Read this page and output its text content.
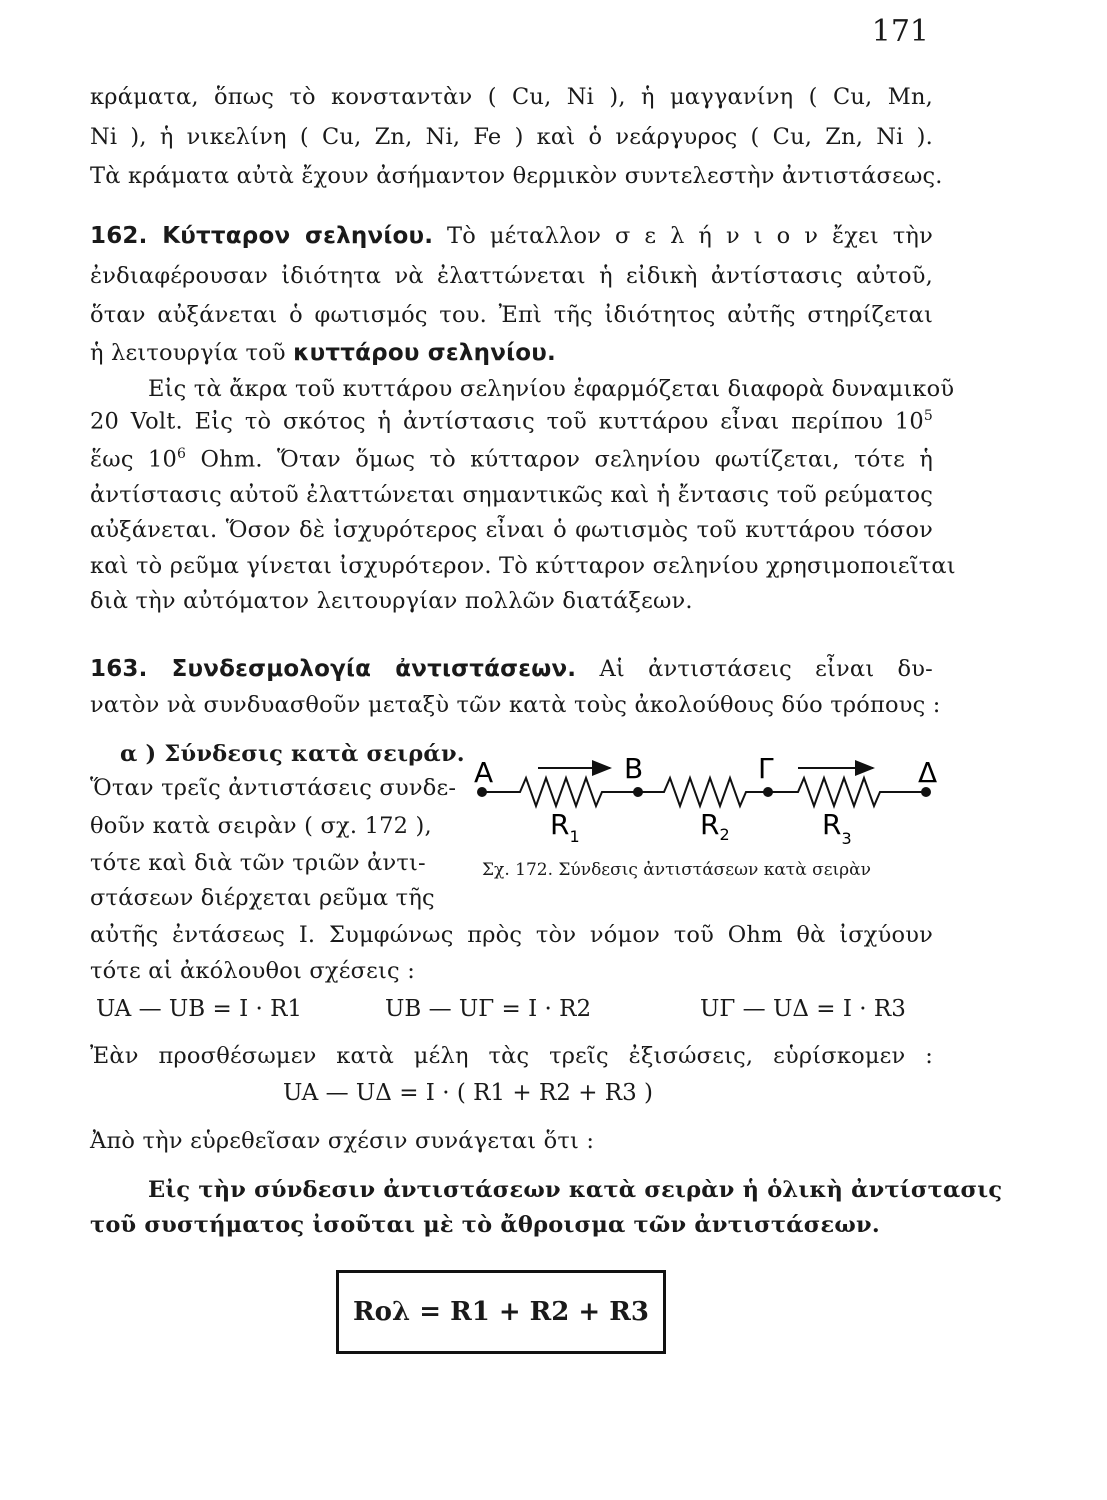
171
κράματα, ὅπως τὸ κονσταντὰν ( Cu, Ni ), ἡ μαγγανίνη ( Cu, Mn,
Ni ), ἡ νικελίνη ( Cu, Zn, Ni, Fe ) καὶ ὁ νεάργυρος ( Cu, Zn, Ni ).
Τὰ κράματα αὐτὰ ἔχουν ἀσήμαντον θερμικὸν συντελεστὴν ἀντιστάσεως.
162. Κύτταρον σεληνίου. Τὸ μέταλλον σ ε λ ή ν ι ο ν ἔχει τὴν
ἐνδιαφέρουσαν ἰδιότητα νὰ ἐλαττώνεται ἡ εἰδικὴ ἀντίστασις αὐτοῦ,
ὅταν αὐξάνεται ὁ φωτισμός του. Ἐπὶ τῆς ἰδιότητος αὐτῆς στηρίζεται
ἡ λειτουργία τοῦ κυττάρου σεληνίου.
Εἰς τὰ ἄκρα τοῦ κυττάρου σεληνίου ἐφαρμόζεται διαφορὰ δυναμικοῦ
20 Volt. Εἰς τὸ σκότος ἡ ἀντίστασις τοῦ κυττάρου εἶναι περίπου $10^5$
ἕως $10^6$ Ohm. Ὅταν ὅμως τὸ κύτταρον σεληνίου φωτίζεται, τότε ἡ
ἀντίστασις αὐτοῦ ἐλαττώνεται σημαντικῶς καὶ ἡ ἔντασις τοῦ ρεύματος
αὐξάνεται. Ὅσον δὲ ἰσχυρότερος εἶναι ὁ φωτισμὸς τοῦ κυττάρου τόσον
καὶ τὸ ρεῦμα γίνεται ἰσχυρότερον. Τὸ κύτταρον σεληνίου χρησιμοποιεῖται
διὰ τὴν αὐτόματον λειτουργίαν πολλῶν διατάξεων.
163. Συνδεσμολογία ἀντιστάσεων. Αἱ ἀντιστάσεις εἶναι δυ-
νατὸν νὰ συνδυασθοῦν μεταξὺ τῶν κατὰ τοὺς ἀκολούθους δύο τρόπους :
α ) Σύνδεσις κατὰ σειράν.
Ὅταν τρεῖς ἀντιστάσεις συνδε-
θοῦν κατὰ σειρὰν ( σχ. 172 ),
τότε καὶ διὰ τῶν τριῶν ἀντι-
στάσεων διέρχεται ρεῦμα τῆς
αὐτῆς ἐντάσεως I. Συμφώνως πρὸς τὸν νόμον τοῦ Ohm θὰ ἰσχύουν
τότε αἱ ἀκόλουθοι σχέσεις :
A	B	Γ	Δ
$R_1$	$R_2$	$R_3$
Σχ. 172. Σύνδεσις ἀντιστάσεων κατὰ σειρὰν
UA — UB = I · R1	UB — UΓ = I · R2	UΓ — UΔ = I · R3
Ἐὰν προσθέσωμεν κατὰ μέλη τὰς τρεῖς ἐξισώσεις, εὑρίσκομεν :
UA — UΔ = I · ( R1 + R2 + R3 )
Ἀπὸ τὴν εὑρεθεῖσαν σχέσιν συνάγεται ὅτι :
Εἰς τὴν σύνδεσιν ἀντιστάσεων κατὰ σειρὰν ἡ ὁλικὴ ἀντίστασις
τοῦ συστήματος ἰσοῦται μὲ τὸ ἄθροισμα τῶν ἀντιστάσεων.
Rολ = R1 + R2 + R3
